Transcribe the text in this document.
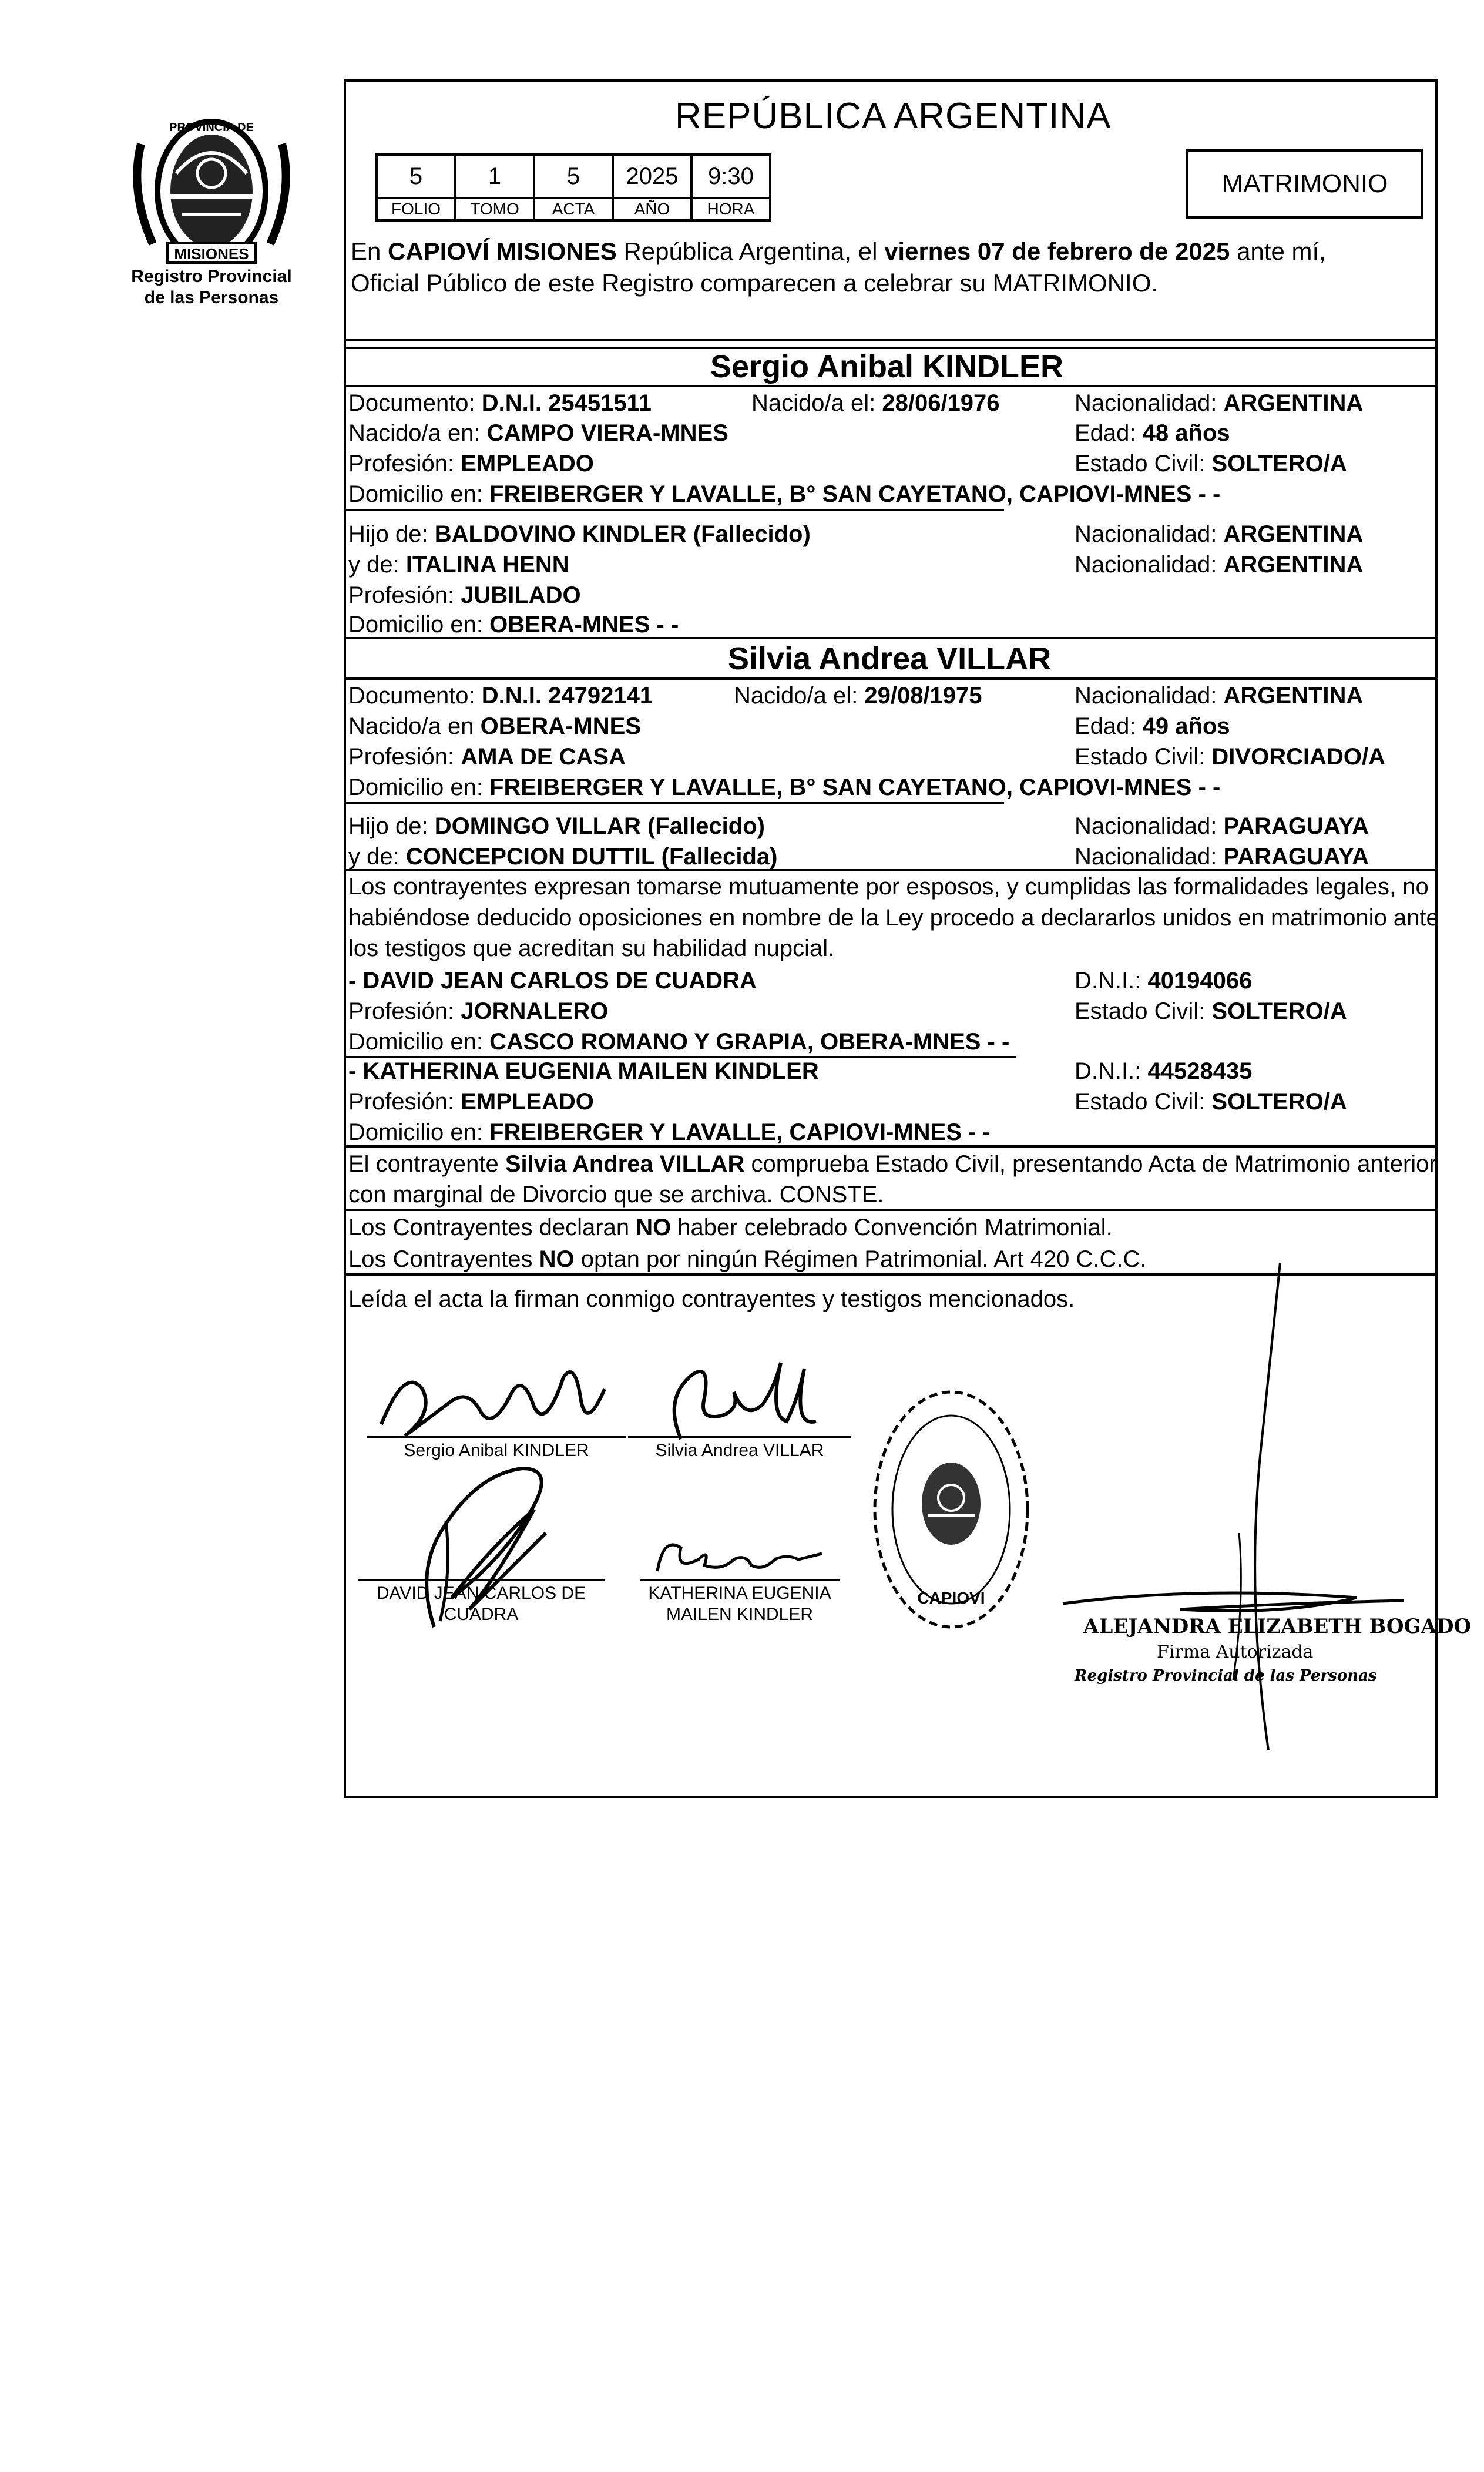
MISIONES
PROVINCIA DE
Registro Provincial
de las Personas
REPÚBLICA ARGENTINA
5	1	5	2025	9:30
FOLIO	TOMO	ACTA	AÑO	HORA
MATRIMONIO
En CAPIOVÍ MISIONES República Argentina, el viernes 07 de febrero de 2025 ante mí,
Oficial Público de este Registro comparecen a celebrar su MATRIMONIO.
Sergio Anibal KINDLER
Documento: D.N.I. 25451511	Nacido/a el: 28/06/1976	Nacionalidad: ARGENTINA
Nacido/a en: CAMPO VIERA-MNES	Edad: 48 años
Profesión: EMPLEADO	Estado Civil: SOLTERO/A
Domicilio en: FREIBERGER Y LAVALLE, B° SAN CAYETANO, CAPIOVI-MNES - -
Hijo de: BALDOVINO KINDLER (Fallecido)	Nacionalidad: ARGENTINA
y de: ITALINA HENN	Nacionalidad: ARGENTINA
Profesión: JUBILADO
Domicilio en: OBERA-MNES - -
Silvia Andrea VILLAR
Documento: D.N.I. 24792141	Nacido/a el: 29/08/1975	Nacionalidad: ARGENTINA
Nacido/a en OBERA-MNES	Edad: 49 años
Profesión: AMA DE CASA	Estado Civil: DIVORCIADO/A
Domicilio en: FREIBERGER Y LAVALLE, B° SAN CAYETANO, CAPIOVI-MNES - -
Hijo de: DOMINGO VILLAR (Fallecido)	Nacionalidad: PARAGUAYA
y de: CONCEPCION DUTTIL (Fallecida)	Nacionalidad: PARAGUAYA
Los contrayentes expresan tomarse mutuamente por esposos, y cumplidas las formalidades legales, no
habiéndose deducido oposiciones en nombre de la Ley procedo a declararlos unidos en matrimonio ante
los testigos que acreditan su habilidad nupcial.
- DAVID JEAN CARLOS DE CUADRA	D.N.I.: 40194066
Profesión: JORNALERO	Estado Civil: SOLTERO/A
Domicilio en: CASCO ROMANO Y GRAPIA, OBERA-MNES - -
- KATHERINA EUGENIA MAILEN KINDLER	D.N.I.: 44528435
Profesión: EMPLEADO	Estado Civil: SOLTERO/A
Domicilio en: FREIBERGER Y LAVALLE, CAPIOVI-MNES - -
El contrayente Silvia Andrea VILLAR comprueba Estado Civil, presentando Acta de Matrimonio anterior
con marginal de Divorcio que se archiva. CONSTE.
Los Contrayentes declaran NO haber celebrado Convención Matrimonial.
Los Contrayentes NO optan por ningún Régimen Patrimonial. Art 420 C.C.C.
Leída el acta la firman conmigo contrayentes y testigos mencionados.
Sergio Anibal KINDLER	Silvia Andrea VILLAR
DAVID JEAN CARLOS DE
CUADRA
KATHERINA EUGENIA
MAILEN KINDLER
CAPIOVI
ALEJANDRA ELIZABETH BOGADO
Firma Autorizada
Registro Provincial de las Personas
